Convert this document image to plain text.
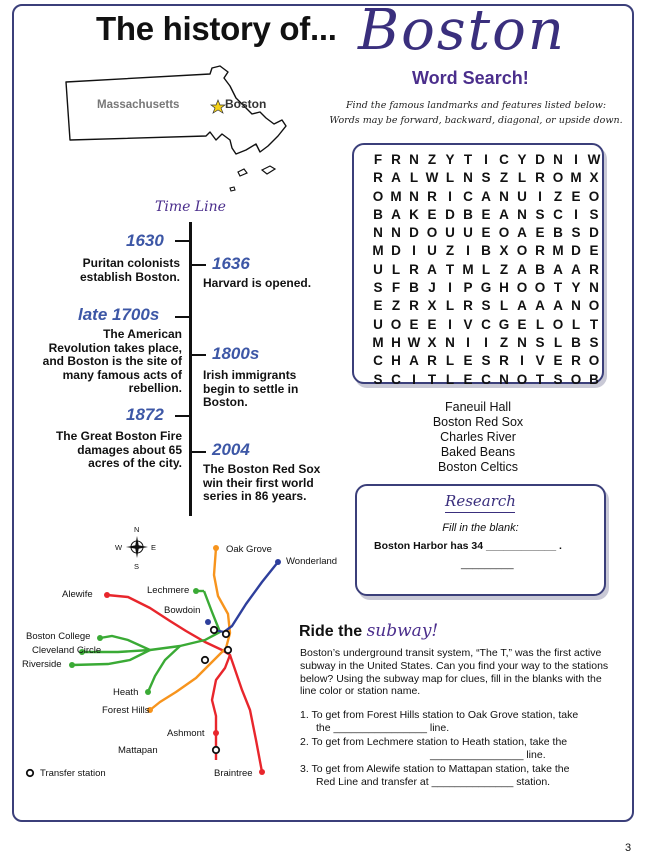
The history of... Boston
Massachusetts	Boston
Time Line
1630
Puritan colonists
establish Boston.
1636
Harvard is opened.
late 1700s
The American
Revolution takes place,
and Boston is the site of
many famous acts of
rebellion.
1800s
Irish immigrants
begin to settle in
Boston.
1872
The Great Boston Fire
damages about 65
acres of the city.
2004
The Boston Red Sox
win their first world
series in 86 years.
Word Search!
Find the famous landmarks and features listed below:
Words may be forward, backward, diagonal, or upside down.
F R N Z Y T I C Y D N I W
R A L W L N S Z L R O M X
O M N R I C A N U I Z E O
B A K E D B E A N S C I S
N N D O U U E O A E B S D
M D I U Z I B X O R M D E
U L R A T M L Z A B A A R
S F B J I P G H O O T Y N
E Z R X L R S L A A A N O
U O E E I V C G E L O L T
M H W X N I	I Z N S L B S
C H A R L E S R I V E R O
S C I T L E C N O T S O B
Faneuil Hall
Boston Red Sox
Charles River
Baked Beans
Boston Celtics
Research
Fill in the blank:
Boston Harbor has 34 ____________ .
_________
N
S
E
W	Oak Grove
Wonderland
Alewife	Lechmere
Bowdoin
Boston College
Cleveland Circle
Riverside
Heath
Forest Hills
Ashmont
Mattapan
Braintree
Transfer station
Ride the subway!
Boston’s underground transit system, “The T,” was the first active subway in the United States. Can you find your way to the stations below? Using the subway map for clues, fill in the blanks with the line color or station name.
1. To get from Forest Hills station to Oak Grove station, take
the ________________ line.
2. To get from Lechmere station to Heath station, take the
________________ line.
3. To get from Alewife station to Mattapan station, take the
Red Line and transfer at ______________ station.
3
